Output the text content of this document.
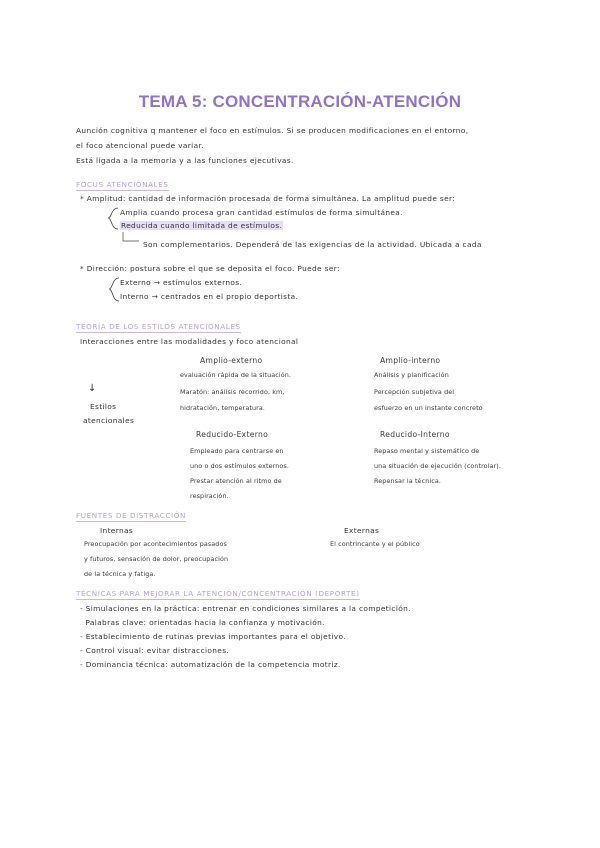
TEMA 5: CONCENTRACIÓN-ATENCIÓN
Aunción cognitiva q mantener el foco en estímulos. Si se producen modificaciones en el entorno,
el foco atencional puede variar.
Está ligada a la memoria y a las funciones ejecutivas.
FOCUS ATENCIONALES
* Amplitud: cantidad de información procesada de forma simultánea. La amplitud puede ser:
Amplia cuando procesa gran cantidad estímulos de forma simultánea.
Reducida cuando limitada de estímulos.
Son complementarios. Dependerá de las exigencias de la actividad. Ubicada a cada
* Dirección: postura sobre el que se deposita el foco. Puede ser:
Externo → estímulos externos.
Interno → centrados en el propio deportista.
TEORÍA DE LOS ESTILOS ATENCIONALES
Interacciones entre las modalidades y foco atencional
↓
Estilos
atencionales
Amplio-externo
evaluación rápida de la situación.
Maratón: análisis recorrido, km,
hidratación, temperatura.
Amplio-interno
Análisis y planificación
Percepción subjetiva del
esfuerzo en un instante concreto
Reducido-Externo
Empleado para centrarse en
uno o dos estímulos externos.
Prestar atención al ritmo de
respiración.
Reducido-Interno
Repaso mental y sistemático de
una situación de ejecución (controlar).
Repensar la técnica.
FUENTES DE DISTRACCIÓN
Internas
Preocupación por acontecimientos pasados
y futuros, sensación de dolor, preocupación
de la técnica y fatiga.
Externas
El contrincante y el público
TÉCNICAS PARA MEJORAR LA ATENCIÓN/CONCENTRACIÓN (DEPORTE)
- Simulaciones en la práctica: entrenar en condiciones similares a la competición.
Palabras clave: orientadas hacia la confianza y motivación.
- Establecimiento de rutinas previas importantes para el objetivo.
- Control visual: evitar distracciones.
- Dominancia técnica: automatización de la competencia motriz.
